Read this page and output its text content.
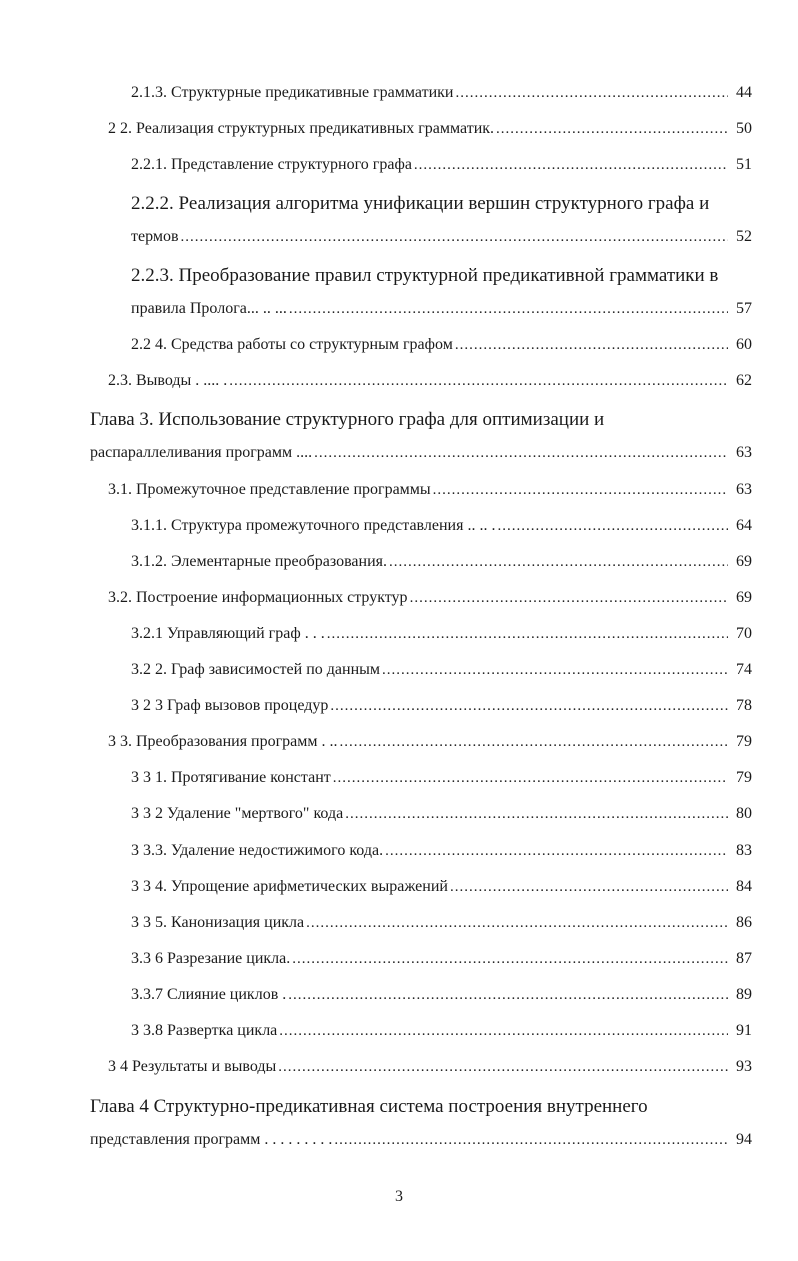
2.1.3. Структурные предикативные грамматики .....	44
2 2. Реализация структурных предикативных грамматик. .....	50
2.2.1. Представление структурного графа .....	51
2.2.2. Реализация алгоритма унификации вершин структурного графа и
термов .....	52
2.2.3. Преобразование правил структурной предикативной грамматики в
правила Пролога... .. ... .....	57
2.2 4. Средства работы со структурным графом .....	60
2.3. Выводы . .... . .....	62
Глава 3. Использование структурного графа для оптимизации и
распараллеливания программ .... .....	63
3.1. Промежуточное представление программы .....	63
3.1.1. Структура промежуточного представления .. .. . .....	64
3.1.2. Элементарные преобразования. .....	69
3.2. Построение информационных структур .....	69
3.2.1 Управляющий граф . . . .....	70
3.2 2. Граф зависимостей по данным .....	74
3 2 3 Граф вызовов процедур .....	78
3 3. Преобразования программ . .. .....	79
3 3 1. Протягивание констант .....	79
3 3 2 Удаление "мертвого" кода .....	80
3 3.3. Удаление недостижимого кода. .....	83
3 3 4. Упрощение арифметических выражений .....	84
3 3 5. Канонизация цикла .....	86
3.3 6 Разрезание цикла. .....	87
3.3.7 Слияние циклов . .....	89
3 3.8 Развертка цикла .....	91
3 4 Результаты и выводы .....	93
Глава 4 Структурно-предикативная система построения внутреннего
представления программ . . . . . . . . . .....	94
3
